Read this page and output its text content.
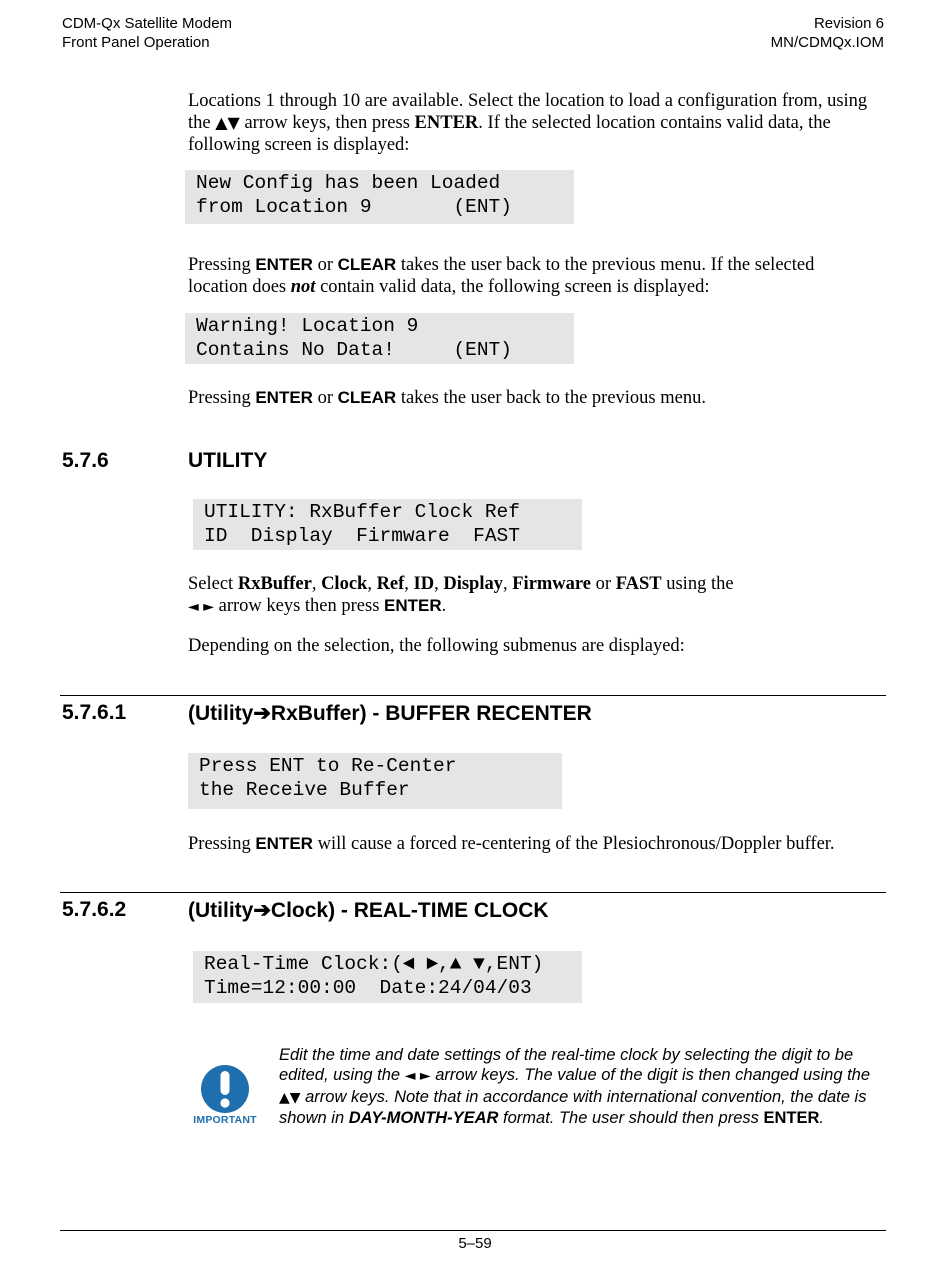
CDM-Qx Satellite Modem
Front Panel Operation
Revision 6
MN/CDMQx.IOM
Locations 1 through 10 are available. Select the location to load a configuration from, using the ▲▼ arrow keys, then press ENTER. If the selected location contains valid data, the following screen is displayed:
New Config has been Loaded
from Location 9       (ENT)
Pressing ENTER or CLEAR takes the user back to the previous menu. If the selected location does not contain valid data, the following screen is displayed:
Warning! Location 9
Contains No Data!     (ENT)
Pressing ENTER or CLEAR takes the user back to the previous menu.
5.7.6	UTILITY
UTILITY: RxBuffer Clock Ref
ID  Display  Firmware  FAST
Select RxBuffer, Clock, Ref, ID, Display, Firmware or FAST using the
◄ ► arrow keys then press ENTER.
Depending on the selection, the following submenus are displayed:
5.7.6.1	(Utility➔RxBuffer) - BUFFER RECENTER
Press ENT to Re-Center
the Receive Buffer
Pressing ENTER will cause a forced re-centering of the Plesiochronous/Doppler buffer.
5.7.6.2	(Utility➔Clock) - REAL-TIME CLOCK
Real-Time Clock:(◄ ►,▲ ▼,ENT)
Time=12:00:00  Date:24/04/03
IMPORTANT
Edit the time and date settings of the real-time clock by selecting the digit to be edited, using the ◄ ► arrow keys. The value of the digit is then changed using the ▲▼ arrow keys. Note that in accordance with international convention, the date is shown in DAY-MONTH-YEAR format. The user should then press ENTER.
5–59
